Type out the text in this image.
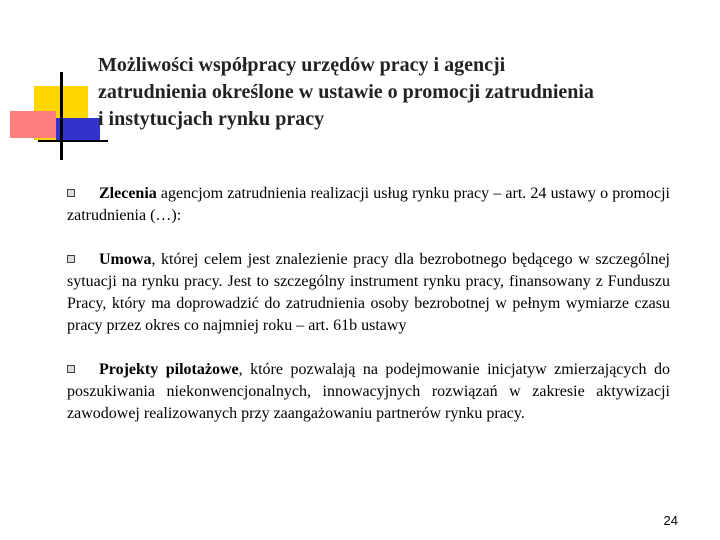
Możliwości współpracy urzędów pracy i agencji
zatrudnienia określone w ustawie o promocji zatrudnienia
i instytucjach rynku pracy
Zlecenia agencjom zatrudnienia realizacji usług rynku pracy – art. 24 ustawy o promocji zatrudnienia (…):
Umowa, której celem jest znalezienie pracy dla bezrobotnego będącego w szczególnej sytuacji na rynku pracy. Jest to szczególny instrument rynku pracy, finansowany z Funduszu Pracy, który ma doprowadzić do zatrudnienia osoby bezrobotnej w pełnym wymiarze czasu pracy przez okres co najmniej roku – art. 61b ustawy
Projekty pilotażowe, które pozwalają na podejmowanie inicjatyw zmierzających do poszukiwania niekonwencjonalnych, innowacyjnych rozwiązań w zakresie aktywizacji zawodowej realizowanych przy zaangażowaniu partnerów rynku pracy.
24
